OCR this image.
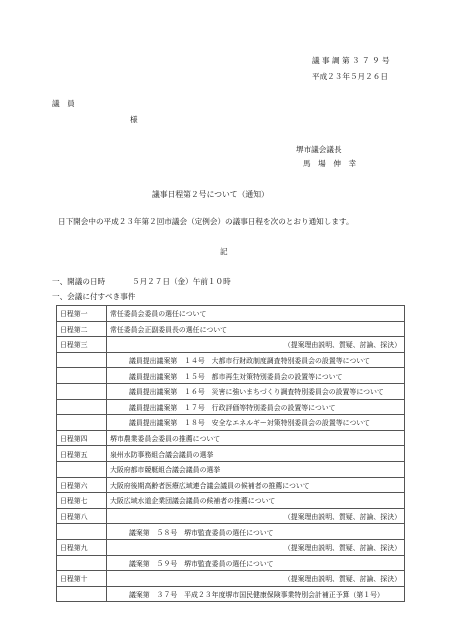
議 事 調 第 ３ ７ ９ 号
平成２３年５月２６日
議　員
様
堺市議会議長
馬　場　伸　幸
議事日程第２号について（通知）
日下開会中の平成２３年第２回市議会（定例会）の議事日程を次のとおり通知します。
記
一、開議の日時	５月２７日（金）午前１０時
一、会議に付すべき事件
日程第一	常任委員会委員の選任について
日程第二	常任委員会正副委員長の選任について
日程第三	（提案理由説明、質疑、討論、採決）
	議員提出議案第　１４号　大都市行財政制度調査特別委員会の設置等について
	議員提出議案第　１５号　都市再生対策特別委員会の設置等について
	議員提出議案第　１６号　災害に強いまちづくり調査特別委員会の設置等について
	議員提出議案第　１７号　行政評価等特別委員会の設置等について
	議員提出議案第　１８号　安全なエネルギー対策特別委員会の設置等について
日程第四	堺市農業委員会委員の推薦について
日程第五	泉州水防事務組合議会議員の選挙
	大阪府都市競艇組合議会議員の選挙
日程第六	大阪府後期高齢者医療広域連合議会議員の候補者の推薦について
日程第七	大阪広域水道企業団議会議員の候補者の推薦について
日程第八	（提案理由説明、質疑、討論、採決）
	議案第　５８号　堺市監査委員の選任について
日程第九	（提案理由説明、質疑、討論、採決）
	議案第　５９号　堺市監査委員の選任について
日程第十	（提案理由説明、質疑、討論、採決）
	議案第　３７号　平成２３年度堺市国民健康保険事業特別会計補正予算（第１号）
